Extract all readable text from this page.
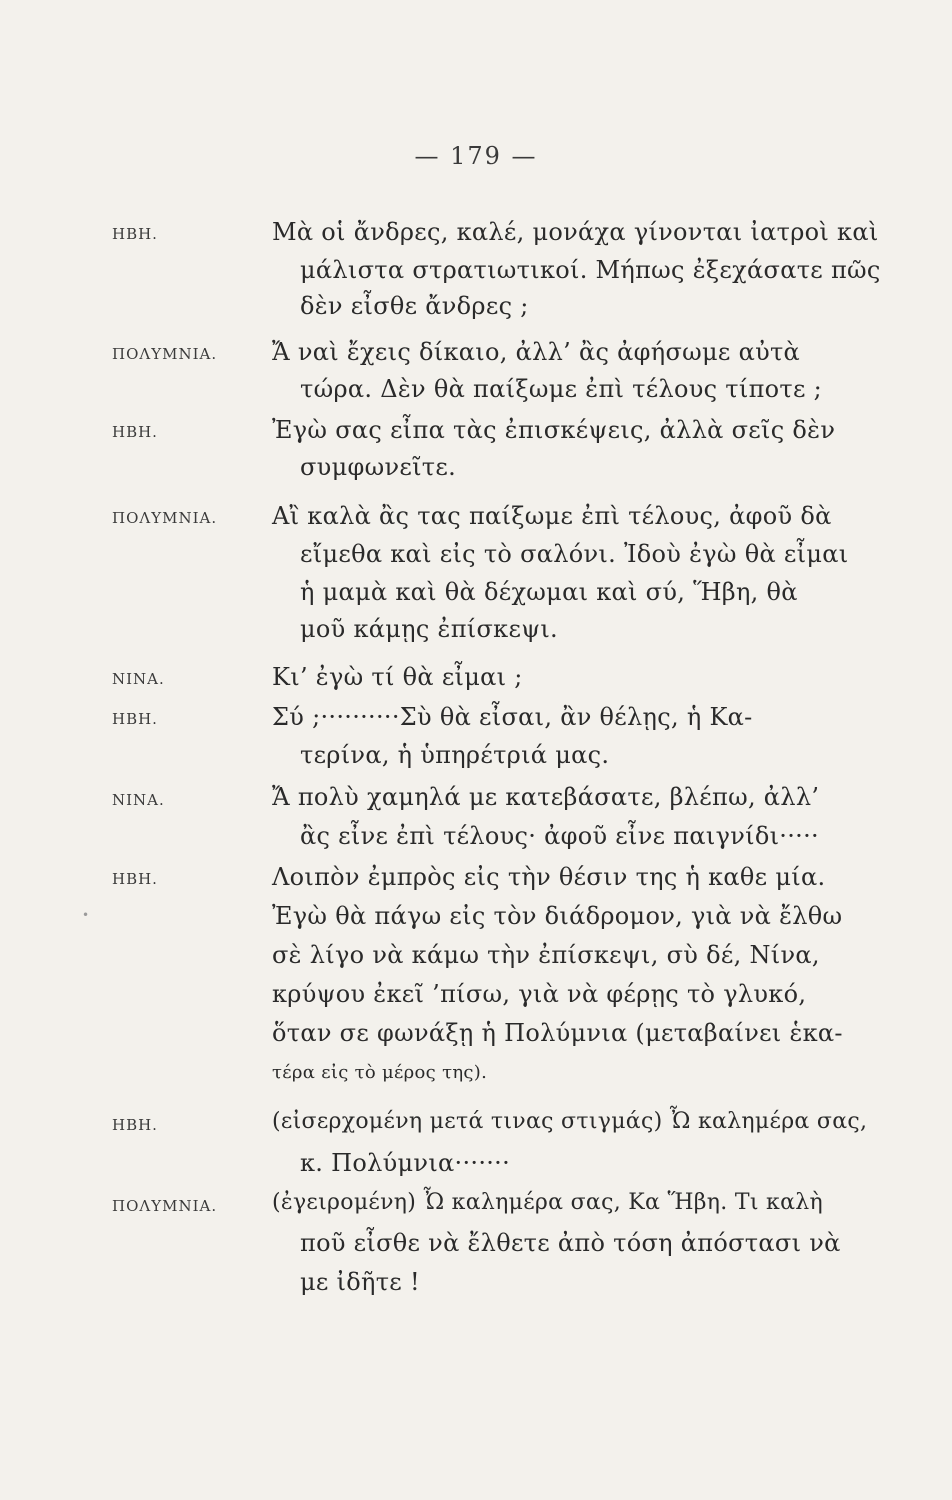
— 179 —
ΗΒΗ.	Μὰ οἱ ἄνδρες, καλέ, μονάχα γίνονται ἰατροὶ καὶ
μάλιστα στρατιωτικοί. Μήπως ἐξεχάσατε πῶς
δὲν εἶσθε ἄνδρες ;
ΠΟΛΥΜΝΙΑ. Ἄ ναὶ ἔχεις δίκαιο, ἀλλ’ ἂς ἀφήσωμε αὐτὰ
τώρα. Δὲν θὰ παίξωμε ἐπὶ τέλους τίποτε ;
ΗΒΗ.	Ἐγὼ σας εἶπα τὰς ἐπισκέψεις, ἀλλὰ σεῖς δὲν
συμφωνεῖτε.
ΠΟΛΥΜΝΙΑ. Αἲ καλὰ ἂς τας παίξωμε ἐπὶ τέλους, ἀφοῦ δὰ
εἴμεθα καὶ εἰς τὸ σαλόνι. Ἰδοὺ ἐγὼ θὰ εἶμαι
ἡ μαμὰ καὶ θὰ δέχωμαι καὶ σύ, Ἥβη, θὰ
μοῦ κάμῃς ἐπίσκεψι.
ΝΙΝΑ.	Κι’ ἐγὼ τί θὰ εἶμαι ;
ΗΒΗ.	Σύ ;··········Σὺ θὰ εἶσαι, ἂν θέλῃς, ἡ Κα-
τερίνα, ἡ ὑπηρέτριά μας.
ΝΙΝΑ.	Ἄ πολὺ χαμηλά με κατεβάσατε, βλέπω, ἀλλ’
ἂς εἶνε ἐπὶ τέλους· ἀφοῦ εἶνε παιγνίδι·····
ΗΒΗ.	Λοιπὸν ἐμπρὸς εἰς τὴν θέσιν της ἡ καθε μία.
Ἐγὼ θὰ πάγω εἰς τὸν διάδρομον, γιὰ νὰ ἔλθω
σὲ λίγο νὰ κάμω τὴν ἐπίσκεψι, σὺ δέ, Νίνα,
κρύψου ἐκεῖ ’πίσω, γιὰ νὰ φέρῃς τὸ γλυκό,
ὅταν σε φωνάξῃ ἡ Πολύμνια (μεταβαίνει ἑκα-
τέρα εἰς τὸ μέρος της).
ΗΒΗ.	(εἰσερχομένη μετά τινας στιγμάς) Ὦ καλημέρα σας,
κ. Πολύμνια·······
ΠΟΛΥΜΝΙΑ. (ἐγειρομένη) Ὦ καλημέρα σας, Κα Ἥβη. Τι καλὴ
ποῦ εἶσθε νὰ ἔλθετε ἀπὸ τόση ἀπόστασι νὰ
με ἰδῆτε !
•
